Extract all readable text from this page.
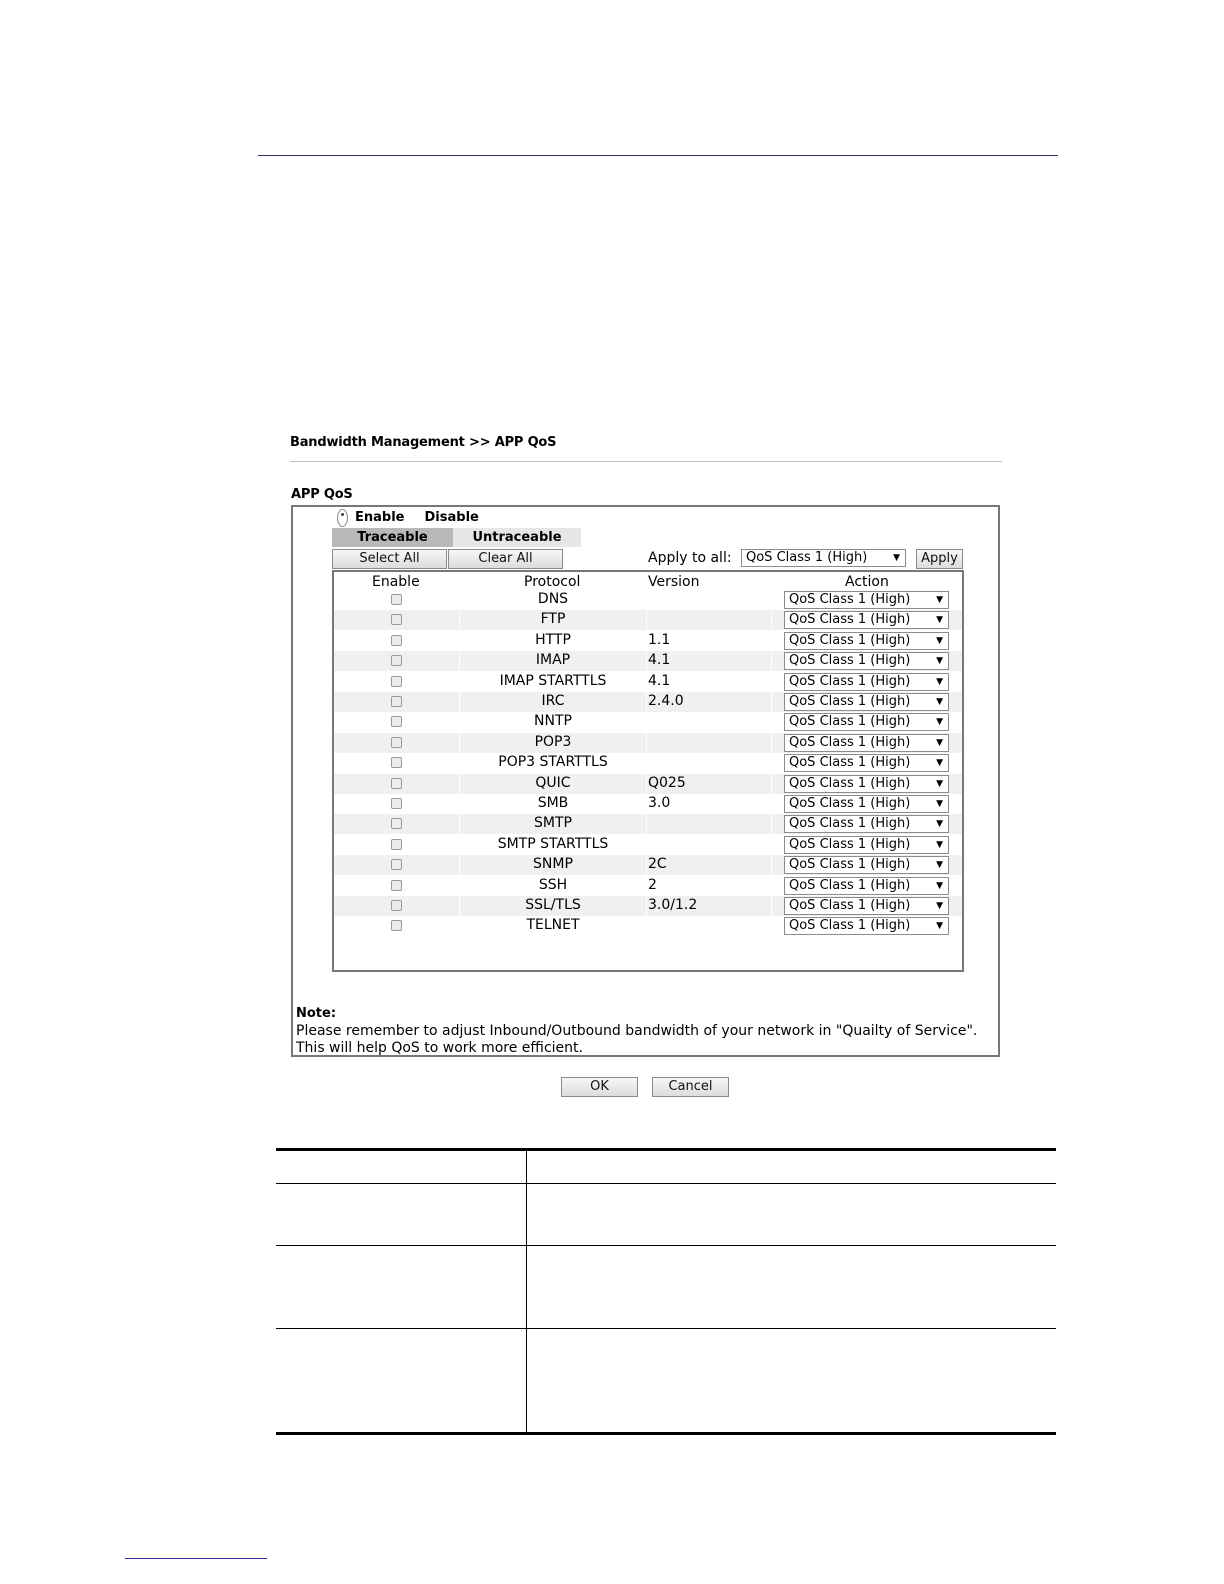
Bandwidth Management >> APP QoS
APP QoS
Enable Disable
Traceable	Untraceable
Select All	Clear All	Apply to all:	QoS Class 1 (High)	▼	Apply
Enable	Protocol	Version	Action
DNS	QoS Class 1 (High)	▼
FTP	QoS Class 1 (High)	▼
HTTP	1.1	QoS Class 1 (High)	▼
IMAP	4.1	QoS Class 1 (High)	▼
IMAP STARTTLS	4.1	QoS Class 1 (High)	▼
IRC	2.4.0	QoS Class 1 (High)	▼
NNTP	QoS Class 1 (High)	▼
POP3	QoS Class 1 (High)	▼
POP3 STARTTLS	QoS Class 1 (High)	▼
QUIC	Q025	QoS Class 1 (High)	▼
SMB	3.0	QoS Class 1 (High)	▼
SMTP	QoS Class 1 (High)	▼
SMTP STARTTLS	QoS Class 1 (High)	▼
SNMP	2C	QoS Class 1 (High)	▼
SSH	2	QoS Class 1 (High)	▼
SSL/TLS	3.0/1.2	QoS Class 1 (High)	▼
TELNET	QoS Class 1 (High)	▼
Note:
Please remember to adjust Inbound/Outbound bandwidth of your network in "Quailty of Service".
This will help QoS to work more efficient.
OK	Cancel
